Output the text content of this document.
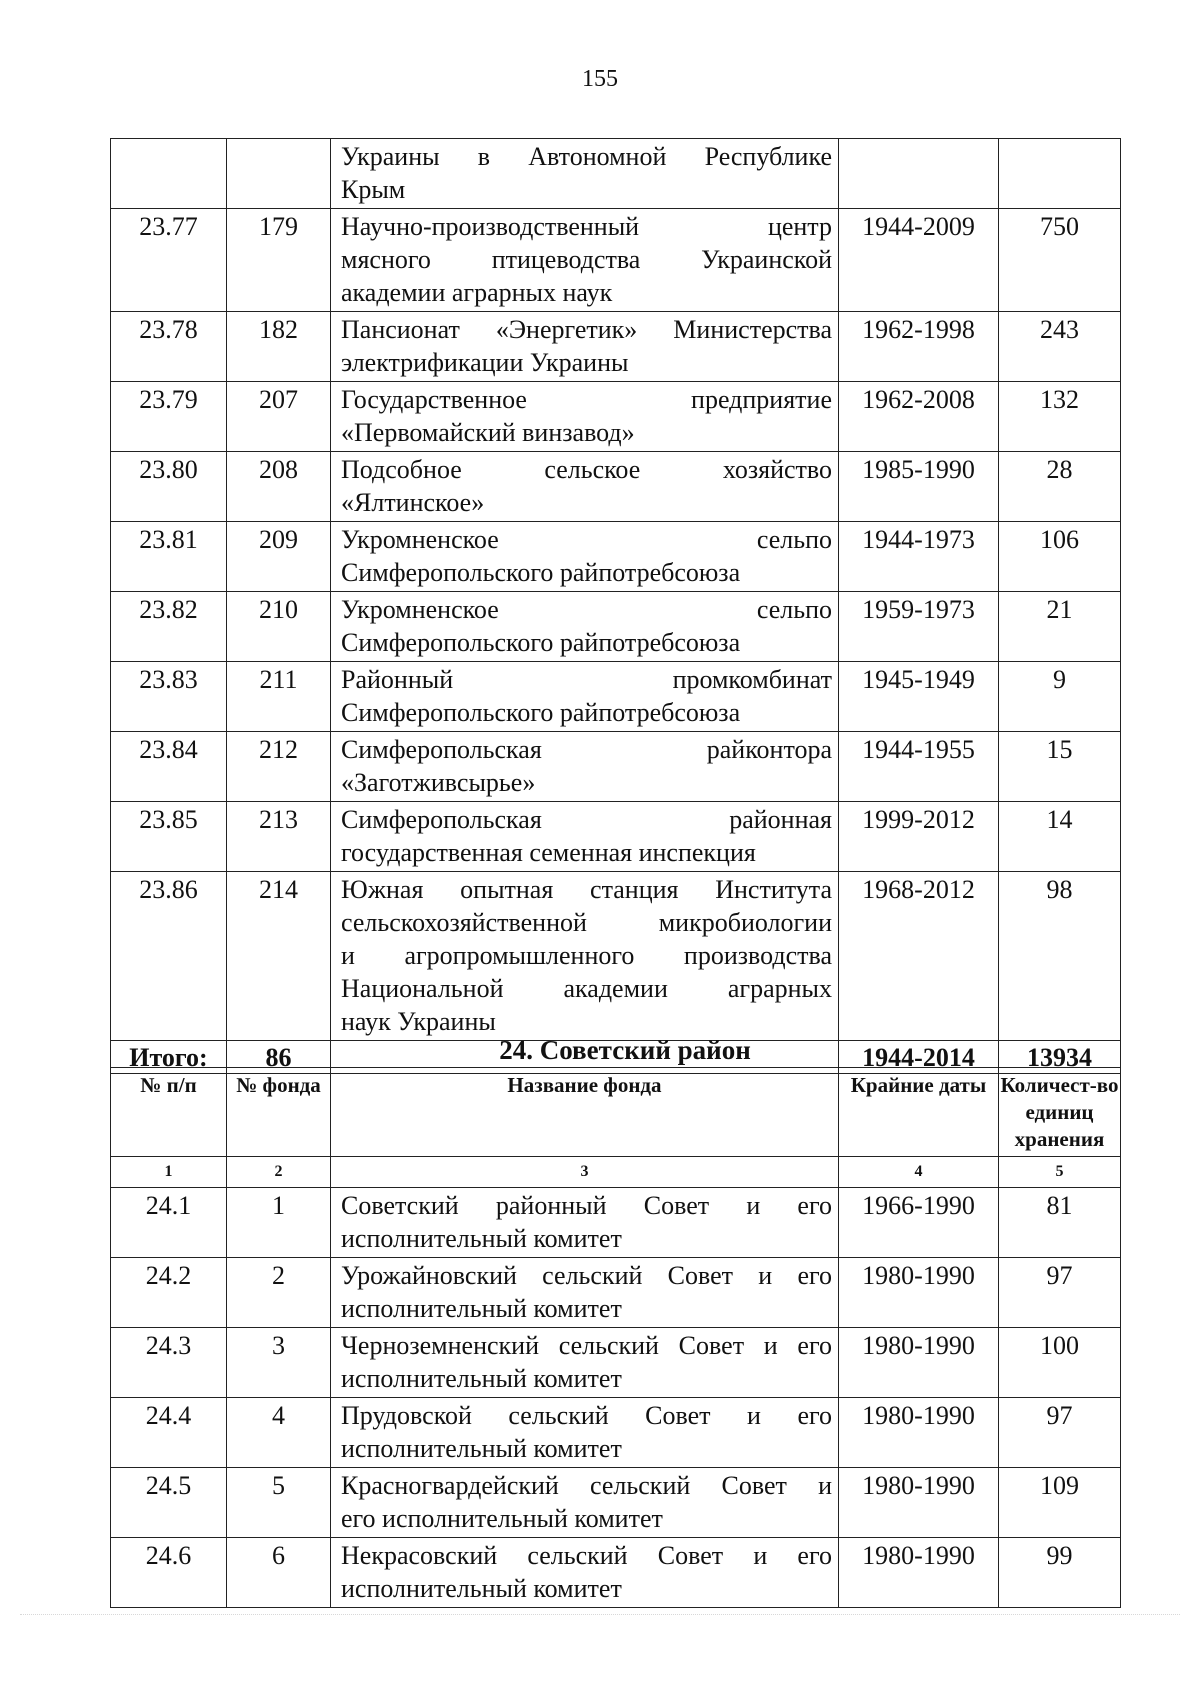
155

		Украины в Автономной Республике
Крым		

23.77	179	Научно-производственный центр
мясного птицеводства Украинской
академии аграрных наук	1944-2009	750
23.78	182	Пансионат «Энергетик» Министерства
электрификации Украины	1962-1998	243
23.79	207	Государственное предприятие
«Первомайский винзавод»	1962-2008	132
23.80	208	Подсобное сельское хозяйство
«Ялтинское»	1985-1990	28
23.81	209	Укромненское сельпо
Симферопольского райпотребсоюза	1944-1973	106
23.82	210	Укромненское сельпо
Симферопольского райпотребсоюза	1959-1973	21
23.83	211	Районный промкомбинат
Симферопольского райпотребсоюза	1945-1949	9
23.84	212	Симферопольская райконтора
«Заготживсырье»	1944-1955	15
23.85	213	Симферопольская районная
государственная семенная инспекция	1999-2012	14
23.86	214	Южная опытная станция Института
сельскохозяйственной микробиологии
и агропромышленного производства
Национальной академии аграрных
наук Украины	1968-2012	98
Итого:	86		1944-2014	13934
24. Советский район
№ п/п	№ фонда	Название фонда	Крайние даты	Количест-во единиц хранения
1	2	3	4	5
24.1	1	Советский районный Совет и его
исполнительный комитет	1966-1990	81
24.2	2	Урожайновский сельский Совет и его
исполнительный комитет	1980-1990	97
24.3	3	Черноземненский сельский Совет и его
исполнительный комитет	1980-1990	100
24.4	4	Прудовской сельский Совет и его
исполнительный комитет	1980-1990	97
24.5	5	Красногвардейский сельский Совет и
его исполнительный комитет	1980-1990	109
24.6	6	Некрасовский сельский Совет и его
исполнительный комитет	1980-1990	99
